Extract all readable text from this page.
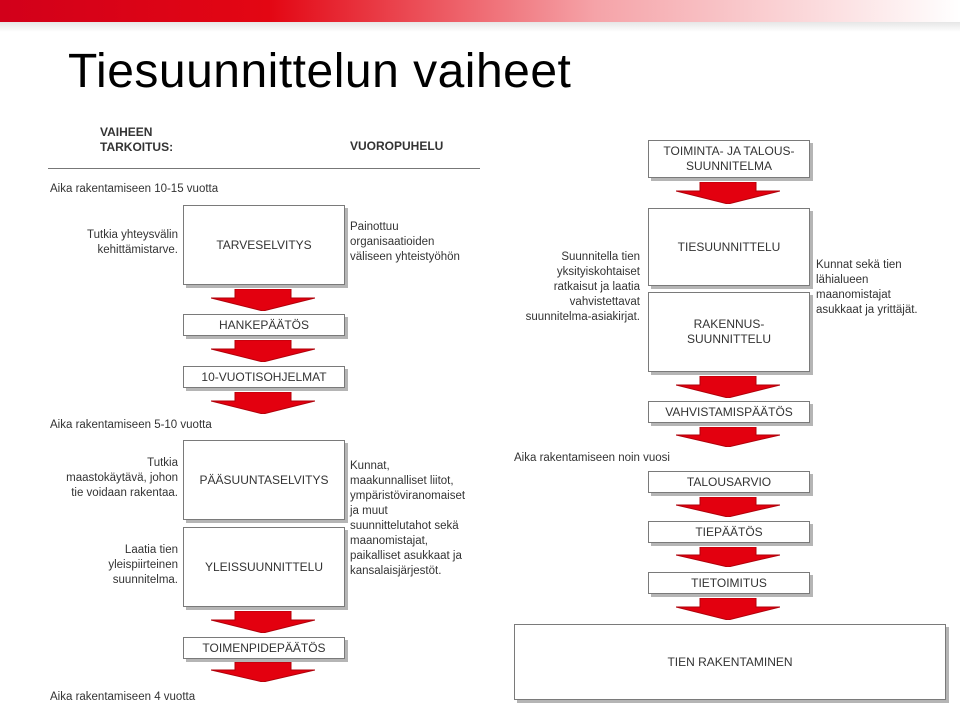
Tiesuunnittelun vaiheet
VAIHEEN
TARKOITUS:	VUOROPUHELU
Aika rakentamiseen 10-15 vuotta
Tutkia yhteysvälin
kehittämistarve.	TARVESELVITYS
Painottuu
organisaatioiden
väliseen yhteistyöhön
HANKEPÄÄTÖS
10-VUOTISOHJELMAT
Aika rakentamiseen 5-10 vuotta
Tutkia
maastokäytävä, johon
tie voidaan rakentaa.
PÄÄSUUNTASELVITYS
YLEISSUUNNITTELU
Laatia tien
yleispiirteinen
suunnitelma.
Kunnat,
maakunnalliset liitot,
ympäristöviranomaiset
ja muut
suunnittelutahot sekä
maanomistajat,
paikalliset asukkaat ja
kansalaisjärjestöt.
TOIMENPIDEPÄÄTÖS
Aika rakentamiseen 4 vuotta
TOIMINTA- JA TALOUS-
SUUNNITELMA
TIESUUNNITTELU
RAKENNUS-
SUUNNITTELU
Suunnitella tien
yksityiskohtaiset
ratkaisut ja laatia
vahvistettavat
suunnitelma-asiakirjat.
Kunnat sekä tien
lähialueen
maanomistajat
asukkaat ja yrittäjät.
VAHVISTAMISPÄÄTÖS
Aika rakentamiseen noin vuosi
TALOUSARVIO
TIEPÄÄTÖS
TIETOIMITUS
TIEN RAKENTAMINEN
